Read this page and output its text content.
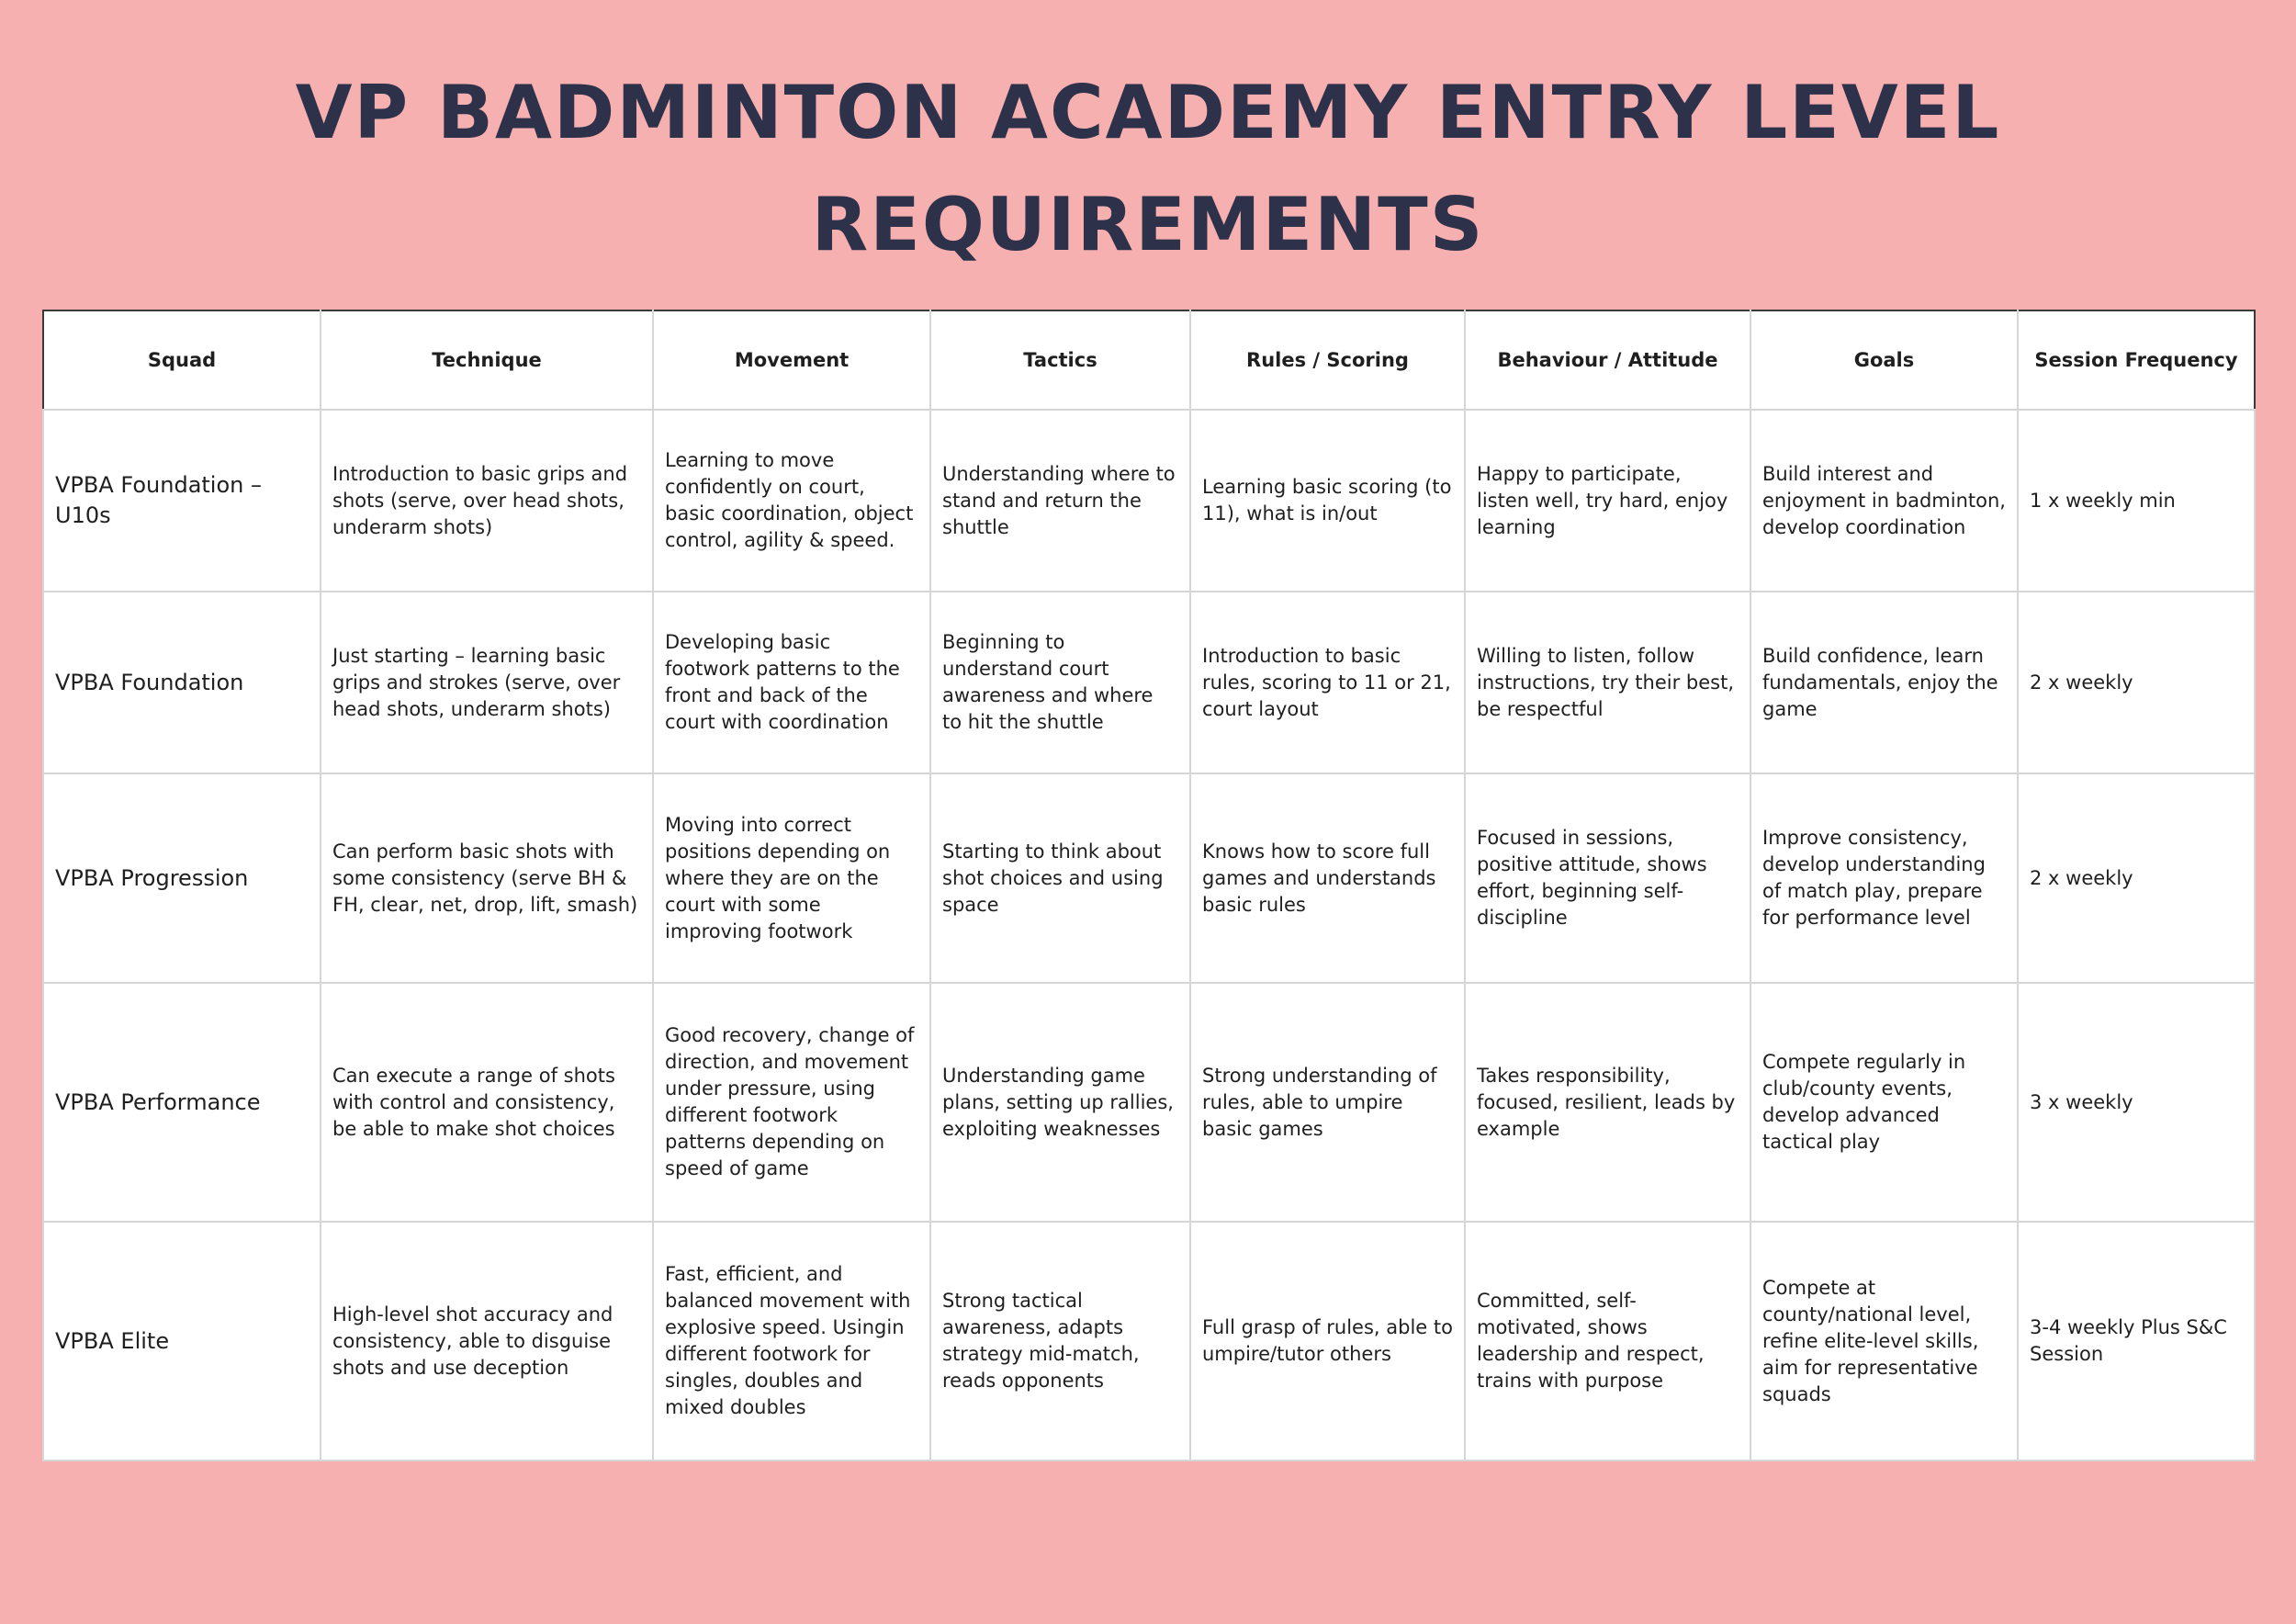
VP BADMINTON ACADEMY ENTRY LEVEL REQUIREMENTS
Squad	Technique	Movement	Tactics	Rules / Scoring	Behaviour / Attitude	Goals	Session Frequency
VPBA Foundation – U10s	Introduction to basic grips and shots (serve, over head shots, underarm shots)	Learning to move confidently on court, basic coordination, object control, agility & speed.	Understanding where to stand and return the shuttle	Learning basic scoring (to 11), what is in/out	Happy to participate, listen well, try hard, enjoy learning	Build interest and enjoyment in badminton, develop coordination	1 x weekly min
VPBA Foundation	Just starting – learning basic grips and strokes (serve, over head shots, underarm shots)	Developing basic footwork patterns to the front and back of the court with coordination	Beginning to understand court awareness and where to hit the shuttle	Introduction to basic rules, scoring to 11 or 21, court layout	Willing to listen, follow instructions, try their best, be respectful	Build confidence, learn fundamentals, enjoy the game	2 x weekly
VPBA Progression	Can perform basic shots with some consistency (serve BH & FH, clear, net, drop, lift, smash)	Moving into correct positions depending on where they are on the court with some improving footwork	Starting to think about shot choices and using space	Knows how to score full games and understands basic rules	Focused in sessions, positive attitude, shows effort, beginning self-discipline	Improve consistency, develop understanding of match play, prepare for performance level	2 x weekly
VPBA Performance	Can execute a range of shots with control and consistency, be able to make shot choices	Good recovery, change of direction, and movement under pressure, using different footwork patterns depending on speed of game	Understanding game plans, setting up rallies, exploiting weaknesses	Strong understanding of rules, able to umpire basic games	Takes responsibility, focused, resilient, leads by example	Compete regularly in club/county events, develop advanced tactical play	3 x weekly
VPBA Elite	High-level shot accuracy and consistency, able to disguise shots and use deception	Fast, efficient, and balanced movement with explosive speed. Usingin different footwork for singles, doubles and mixed doubles	Strong tactical awareness, adapts strategy mid-match, reads opponents	Full grasp of rules, able to umpire/tutor others	Committed, self-motivated, shows leadership and respect, trains with purpose	Compete at county/national level, refine elite-level skills, aim for representative squads	3-4 weekly Plus S&C Session
